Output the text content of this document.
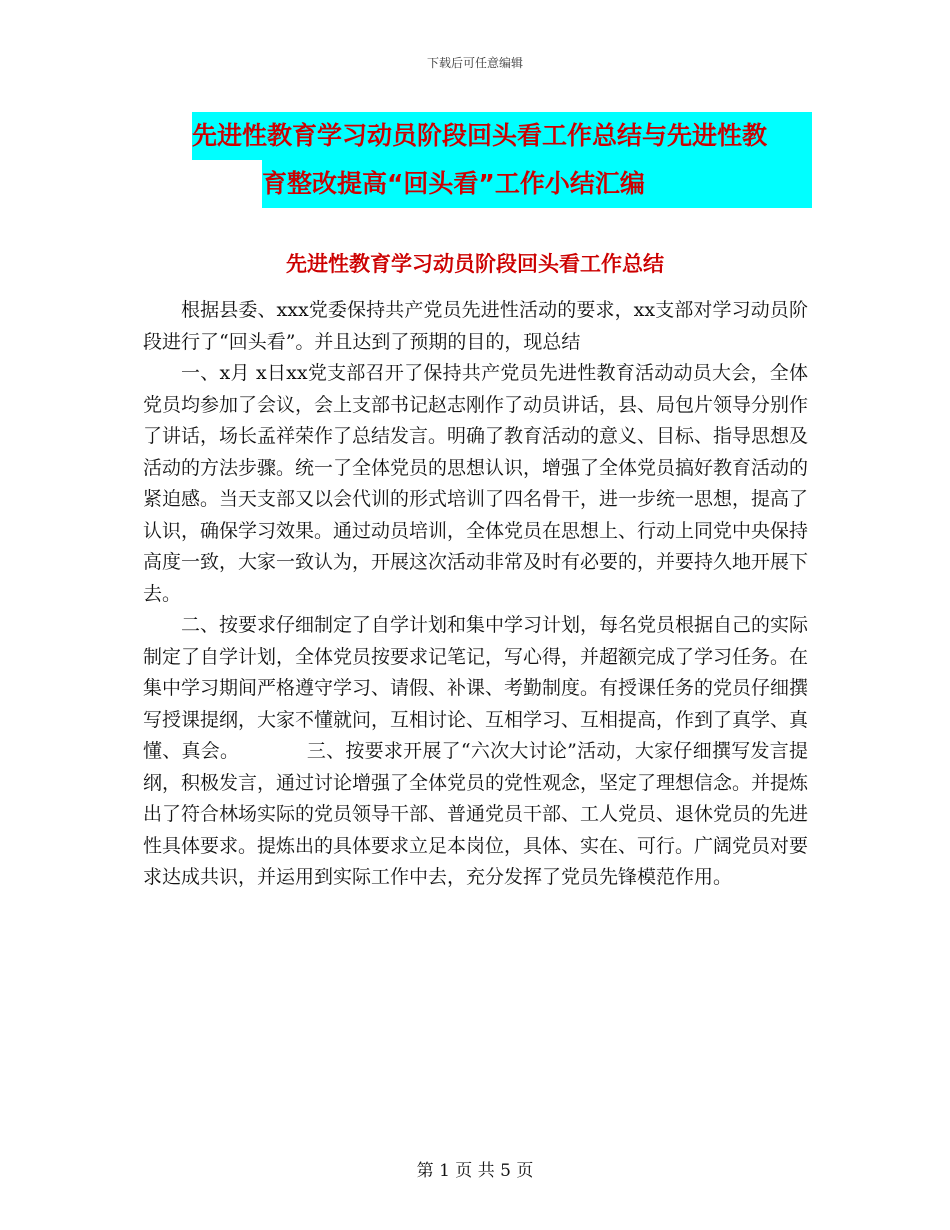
下载后可任意编辑
先进性教育学习动员阶段回头看工作总结与先进性教
育整改提高“回头看”工作小结汇编
先进性教育学习动员阶段回头看工作总结

根据县委、xxx党委保持共产党员先进性活动的要求，xx支部对学习动员阶段进行了“回头看”。并且达到了预期的目的，现总结

一、x月 x日xx党支部召开了保持共产党员先进性教育活动动员大会，全体党员均参加了会议，会上支部书记赵志刚作了动员讲话，县、局包片领导分别作了讲话，场长孟祥荣作了总结发言。明确了教育活动的意义、目标、指导思想及活动的方法步骤。统一了全体党员的思想认识，增强了全体党员搞好教育活动的紧迫感。当天支部又以会代训的形式培训了四名骨干，进一步统一思想，提高了认识，确保学习效果。通过动员培训，全体党员在思想上、行动上同党中央保持高度一致，大家一致认为，开展这次活动非常及时有必要的，并要持久地开展下去。

二、按要求仔细制定了自学计划和集中学习计划，每名党员根据自己的实际制定了自学计划，全体党员按要求记笔记，写心得，并超额完成了学习任务。在集中学习期间严格遵守学习、请假、补课、考勤制度。有授课任务的党员仔细撰写授课提纲，大家不懂就问，互相讨论、互相学习、互相提高，作到了真学、真懂、真会。　　　　三、按要求开展了“六次大讨论”活动，大家仔细撰写发言提纲，积极发言，通过讨论增强了全体党员的党性观念，坚定了理想信念。并提炼出了符合林场实际的党员领导干部、普通党员干部、工人党员、退休党员的先进性具体要求。提炼出的具体要求立足本岗位，具体、实在、可行。广阔党员对要求达成共识，并运用到实际工作中去，充分发挥了党员先锋模范作用。

第 1 页 共 5 页
